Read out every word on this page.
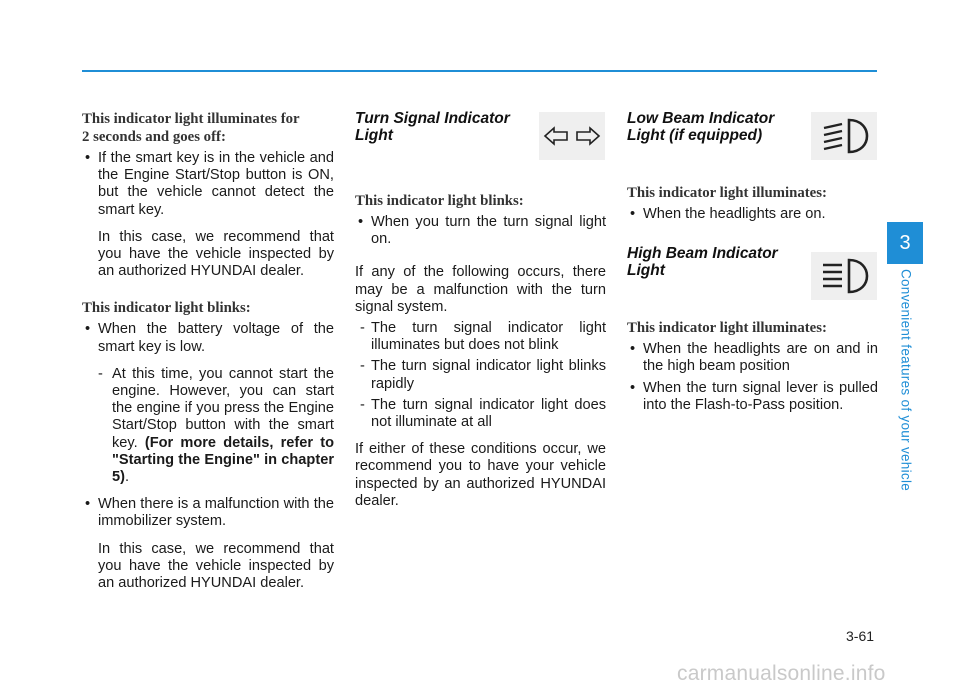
This indicator light illuminates for
2 seconds and goes off:

• If the smart key is in the vehicle and the Engine Start/Stop button is ON, but the vehicle cannot detect the smart key.

In this case, we recommend that you have the vehicle inspected by an authorized HYUNDAI dealer.

This indicator light blinks:

• When the battery voltage of the smart key is low.

- At this time, you cannot start the engine. However, you can start the engine if you press the Engine Start/Stop button with the smart key. (For more details, refer to "Starting the Engine" in chapter 5).

• When there is a malfunction with the immobilizer system.

In this case, we recommend that you have the vehicle inspected by an authorized HYUNDAI dealer.

Turn Signal Indicator Light

This indicator light blinks:

• When you turn the turn signal light on.

If any of the following occurs, there may be a malfunction with the turn signal system.

- The turn signal indicator light illuminates but does not blink

- The turn signal indicator light blinks rapidly

- The turn signal indicator light does not illuminate at all

If either of these conditions occur, we recommend you to have your vehicle inspected by an authorized HYUNDAI dealer.

Low Beam Indicator Light (if equipped)

This indicator light illuminates:

• When the headlights are on.

High Beam Indicator Light

This indicator light illuminates:

• When the headlights are on and in the high beam position

• When the turn signal lever is pulled into the Flash-to-Pass position.

3
Convenient features of your vehicle
3-61
carmanualsonline.info
